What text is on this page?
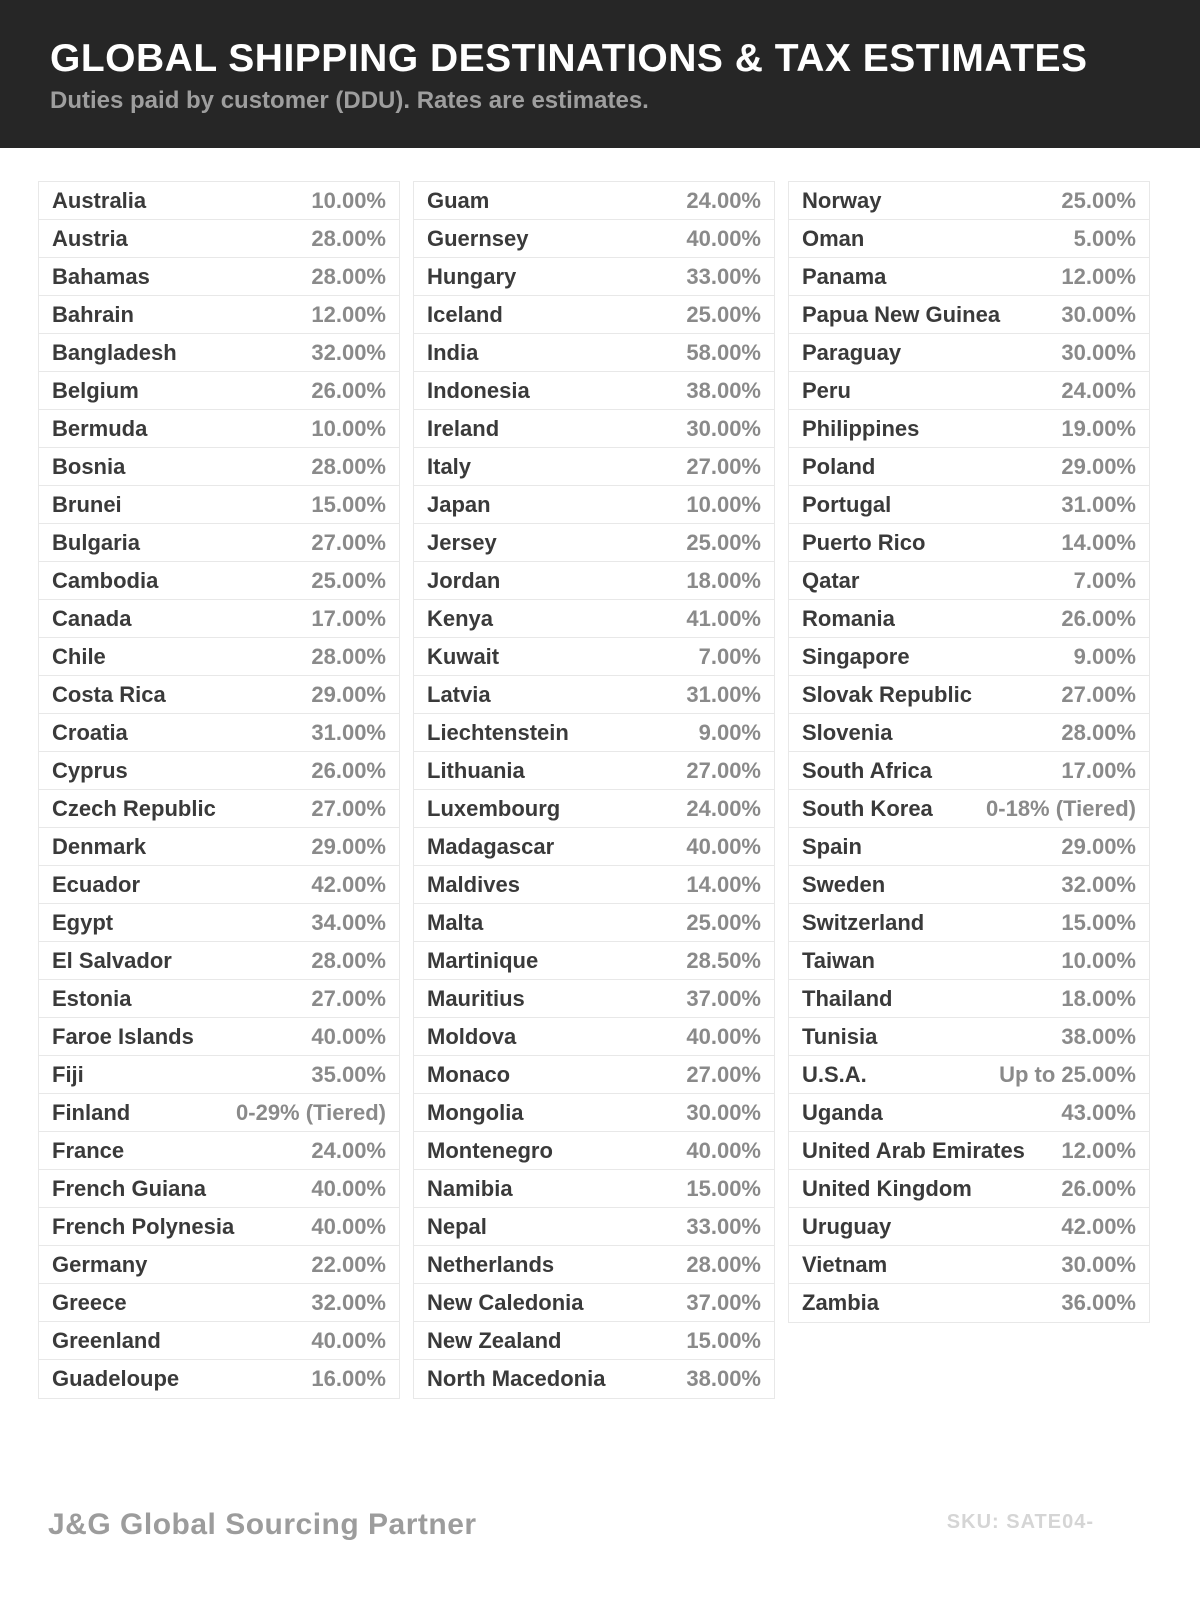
GLOBAL SHIPPING DESTINATIONS & TAX ESTIMATES

Duties paid by customer (DDU). Rates are estimates.

Australia	10.00%
Austria	28.00%
Bahamas	28.00%
Bahrain	12.00%
Bangladesh	32.00%
Belgium	26.00%
Bermuda	10.00%
Bosnia	28.00%
Brunei	15.00%
Bulgaria	27.00%
Cambodia	25.00%
Canada	17.00%
Chile	28.00%
Costa Rica	29.00%
Croatia	31.00%
Cyprus	26.00%
Czech Republic	27.00%
Denmark	29.00%
Ecuador	42.00%
Egypt	34.00%
El Salvador	28.00%
Estonia	27.00%
Faroe Islands	40.00%
Fiji	35.00%
Finland	0-29% (Tiered)
France	24.00%
French Guiana	40.00%
French Polynesia	40.00%
Germany	22.00%
Greece	32.00%
Greenland	40.00%
Guadeloupe	16.00%
Guam	24.00%
Guernsey	40.00%
Hungary	33.00%
Iceland	25.00%
India	58.00%
Indonesia	38.00%
Ireland	30.00%
Italy	27.00%
Japan	10.00%
Jersey	25.00%
Jordan	18.00%
Kenya	41.00%
Kuwait	7.00%
Latvia	31.00%
Liechtenstein	9.00%
Lithuania	27.00%
Luxembourg	24.00%
Madagascar	40.00%
Maldives	14.00%
Malta	25.00%
Martinique	28.50%
Mauritius	37.00%
Moldova	40.00%
Monaco	27.00%
Mongolia	30.00%
Montenegro	40.00%
Namibia	15.00%
Nepal	33.00%
Netherlands	28.00%
New Caledonia	37.00%
New Zealand	15.00%
North Macedonia	38.00%
Norway	25.00%
Oman	5.00%
Panama	12.00%
Papua New Guinea	30.00%
Paraguay	30.00%
Peru	24.00%
Philippines	19.00%
Poland	29.00%
Portugal	31.00%
Puerto Rico	14.00%
Qatar	7.00%
Romania	26.00%
Singapore	9.00%
Slovak Republic	27.00%
Slovenia	28.00%
South Africa	17.00%
South Korea 0-18% (Tiered)
Spain	29.00%
Sweden	32.00%
Switzerland	15.00%
Taiwan	10.00%
Thailand	18.00%
Tunisia	38.00%
U.S.A.	Up to 25.00%
Uganda	43.00%
United Arab Emirates 12.00%
United Kingdom	26.00%
Uruguay	42.00%
Vietnam	30.00%
Zambia	36.00%
J&G Global Sourcing Partner	SKU: SATE04-
